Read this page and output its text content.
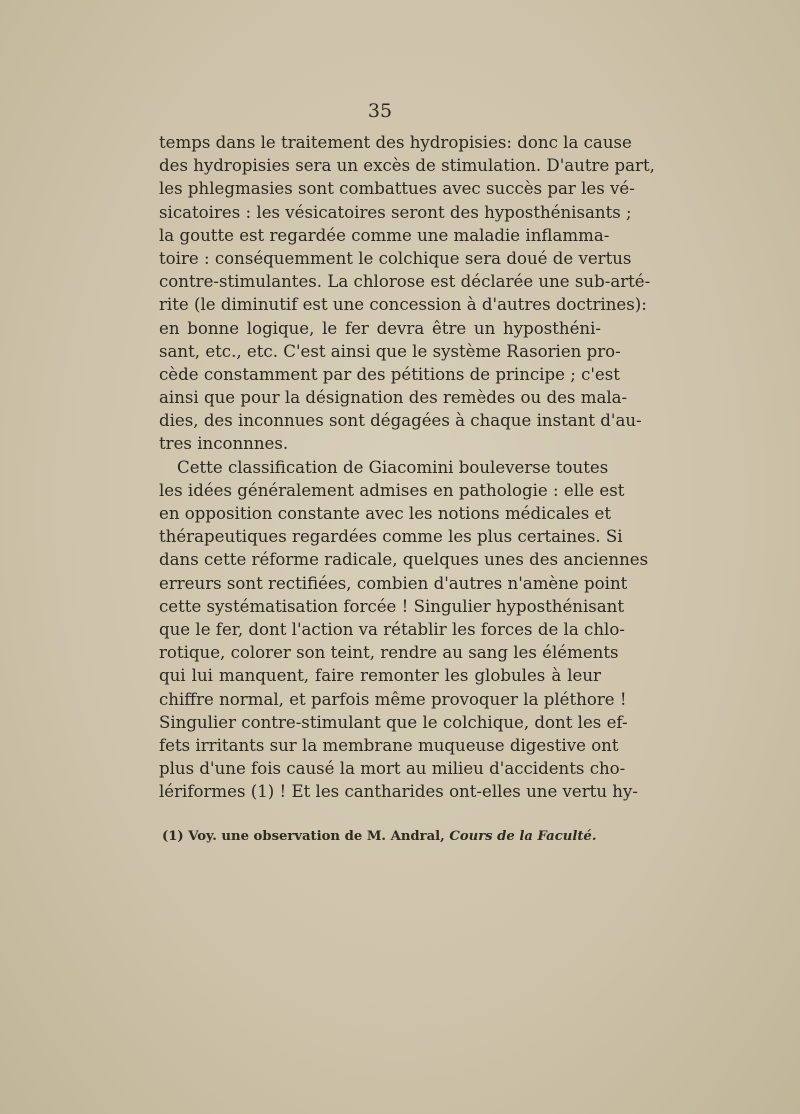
35
temps dans le traitement des hydropisies: donc la cause
des hydropisies sera un excès de stimulation. D'autre part,
les phlegmasies sont combattues avec succès par les vé-
sicatoires : les vésicatoires seront des hyposthénisants ;
la goutte est regardée comme une maladie inflamma-
toire : conséquemment le colchique sera doué de vertus
contre-stimulantes. La chlorose est déclarée une sub-arté-
rite (le diminutif est une concession à d'autres doctrines):
en bonne logique, le fer devra être un hyposthéni-
sant, etc., etc. C'est ainsi que le système Rasorien pro-
cède constamment par des pétitions de principe ; c'est
ainsi que pour la désignation des remèdes ou des mala-
dies, des inconnues sont dégagées à chaque instant d'au-
tres inconnnes.
Cette classification de Giacomini bouleverse toutes
les idées généralement admises en pathologie : elle est
en opposition constante avec les notions médicales et
thérapeutiques regardées comme les plus certaines. Si
dans cette réforme radicale, quelques unes des anciennes
erreurs sont rectifiées, combien d'autres n'amène point
cette systématisation forcée ! Singulier hyposthénisant
que le fer, dont l'action va rétablir les forces de la chlo-
rotique, colorer son teint, rendre au sang les éléments
qui lui manquent, faire remonter les globules à leur
chiffre normal, et parfois même provoquer la pléthore !
Singulier contre-stimulant que le colchique, dont les ef-
fets irritants sur la membrane muqueuse digestive ont
plus d'une fois causé la mort au milieu d'accidents cho-
lériformes (1) ! Et les cantharides ont-elles une vertu hy-
(1) Voy. une observation de M. Andral, Cours de la Faculté.
